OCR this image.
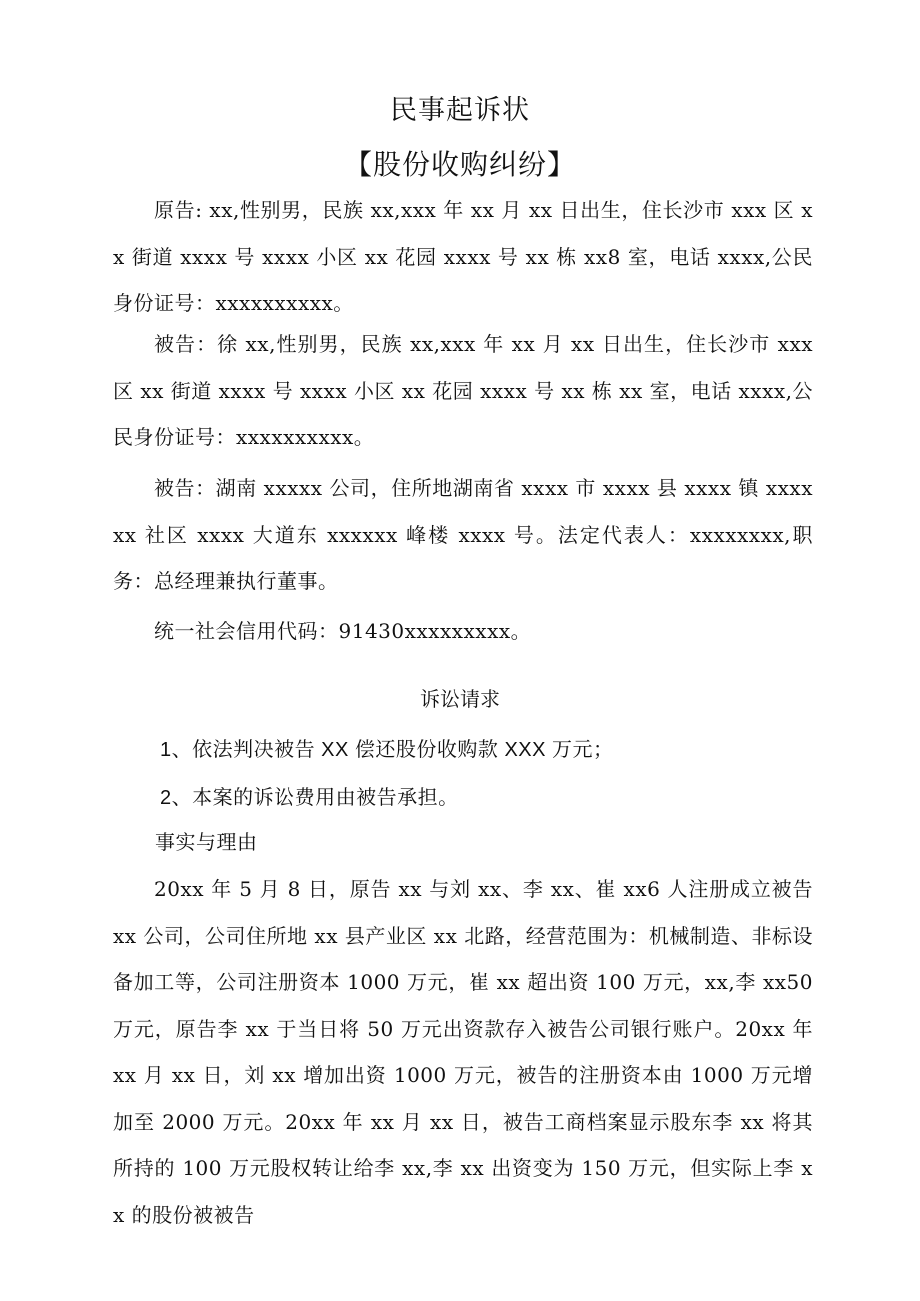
民事起诉状
【股份收购纠纷】

原告: xx,性别男，民族 xx,xxx 年 xx 月 xx 日出生，住长沙市 xxx 区 xx 街道 xxxx 号 xxxx 小区 xx 花园 xxxx 号 xx 栋 xx8 室，电话 xxxx,公民身份证号：xxxxxxxxxx。

被告：徐 xx,性别男，民族 xx,xxx 年 xx 月 xx 日出生，住长沙市 xxx 区 xx 街道 xxxx 号 xxxx 小区 xx 花园 xxxx 号 xx 栋 xx 室，电话 xxxx,公民身份证号：xxxxxxxxxx。

被告：湖南 xxxxx 公司，住所地湖南省 xxxx 市 xxxx 县 xxxx 镇 xxxxxx 社区 xxxx 大道东 xxxxxx 峰楼 xxxx 号。法定代表人：xxxxxxxx,职务：总经理兼执行董事。

统一社会信用代码：91430xxxxxxxxx。

诉讼请求
1、依法判决被告 XX 偿还股份收购款 XXX 万元；
2、本案的诉讼费用由被告承担。
事实与理由

20xx 年 5 月 8 日，原告 xx 与刘 xx、李 xx、崔 xx6 人注册成立被告 xx 公司，公司住所地 xx 县产业区 xx 北路，经营范围为：机械制造、非标设备加工等，公司注册资本 1000 万元，崔 xx 超出资 100 万元，xx,李 xx50 万元，原告李 xx 于当日将 50 万元出资款存入被告公司银行账户。20xx 年 xx 月 xx 日，刘 xx 增加出资 1000 万元，被告的注册资本由 1000 万元增加至 2000 万元。20xx 年 xx 月 xx 日，被告工商档案显示股东李 xx 将其所持的 100 万元股权转让给李 xx,李 xx 出资变为 150 万元，但实际上李 xx 的股份被被告
